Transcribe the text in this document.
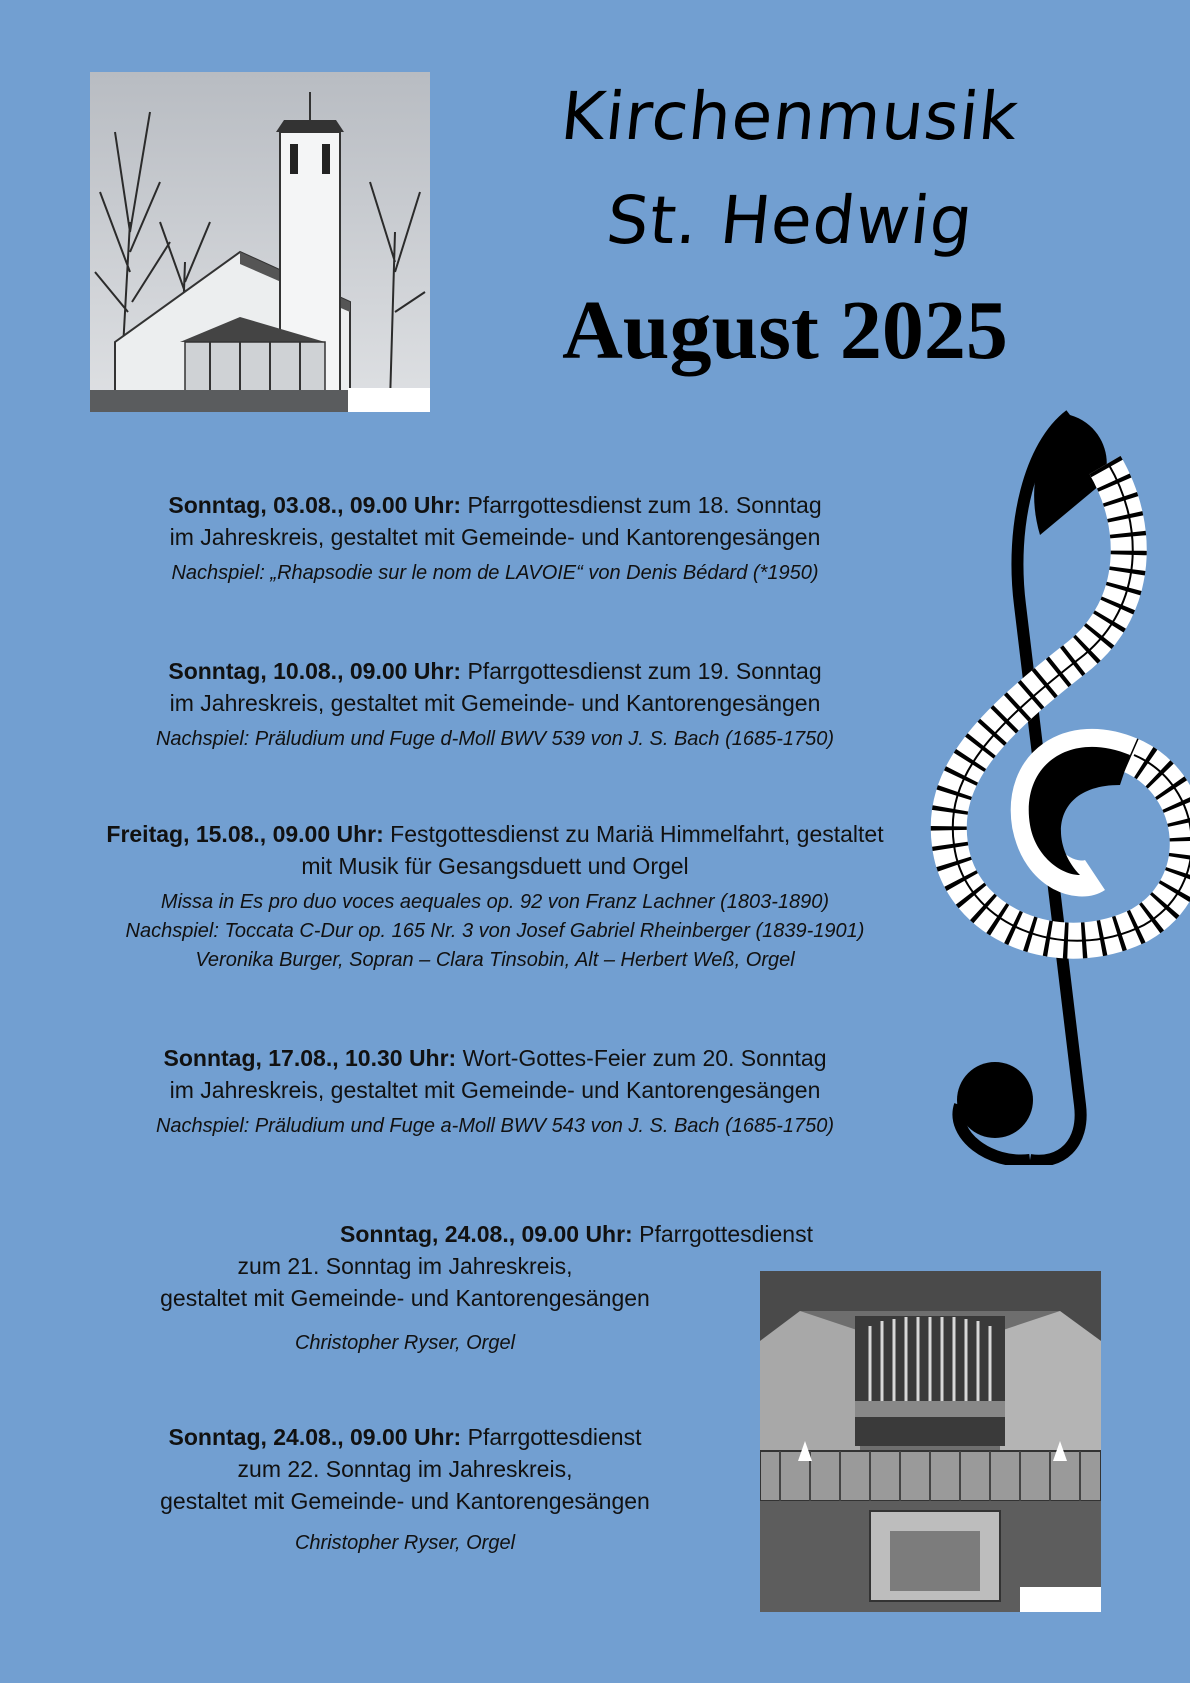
Kirchenmusik
St. Hedwig
August 2025
Sonntag, 03.08., 09.00 Uhr: Pfarrgottesdienst zum 18. Sonntag
im Jahreskreis, gestaltet mit Gemeinde- und Kantorengesängen
Nachspiel: „Rhapsodie sur le nom de LAVOIE“ von Denis Bédard (*1950)
Sonntag, 10.08., 09.00 Uhr: Pfarrgottesdienst zum 19. Sonntag
im Jahreskreis, gestaltet mit Gemeinde- und Kantorengesängen
Nachspiel: Präludium und Fuge d-Moll BWV 539 von J. S. Bach (1685-1750)
Freitag, 15.08., 09.00 Uhr: Festgottesdienst zu Mariä Himmelfahrt, gestaltet
mit Musik für Gesangsduett und Orgel
Missa in Es pro duo voces aequales op. 92 von Franz Lachner (1803-1890)
Nachspiel: Toccata C-Dur op. 165 Nr. 3 von Josef Gabriel Rheinberger (1839-1901)
Veronika Burger, Sopran – Clara Tinsobin, Alt – Herbert Weß, Orgel
Sonntag, 17.08., 10.30 Uhr: Wort-Gottes-Feier zum 20. Sonntag
im Jahreskreis, gestaltet mit Gemeinde- und Kantorengesängen
Nachspiel: Präludium und Fuge a-Moll BWV 543 von J. S. Bach (1685-1750)
Sonntag, 24.08., 09.00 Uhr: Pfarrgottesdienst
zum 21. Sonntag im Jahreskreis,
gestaltet mit Gemeinde- und Kantorengesängen
Christopher Ryser, Orgel
Sonntag, 24.08., 09.00 Uhr: Pfarrgottesdienst
zum 22. Sonntag im Jahreskreis,
gestaltet mit Gemeinde- und Kantorengesängen
Christopher Ryser, Orgel
